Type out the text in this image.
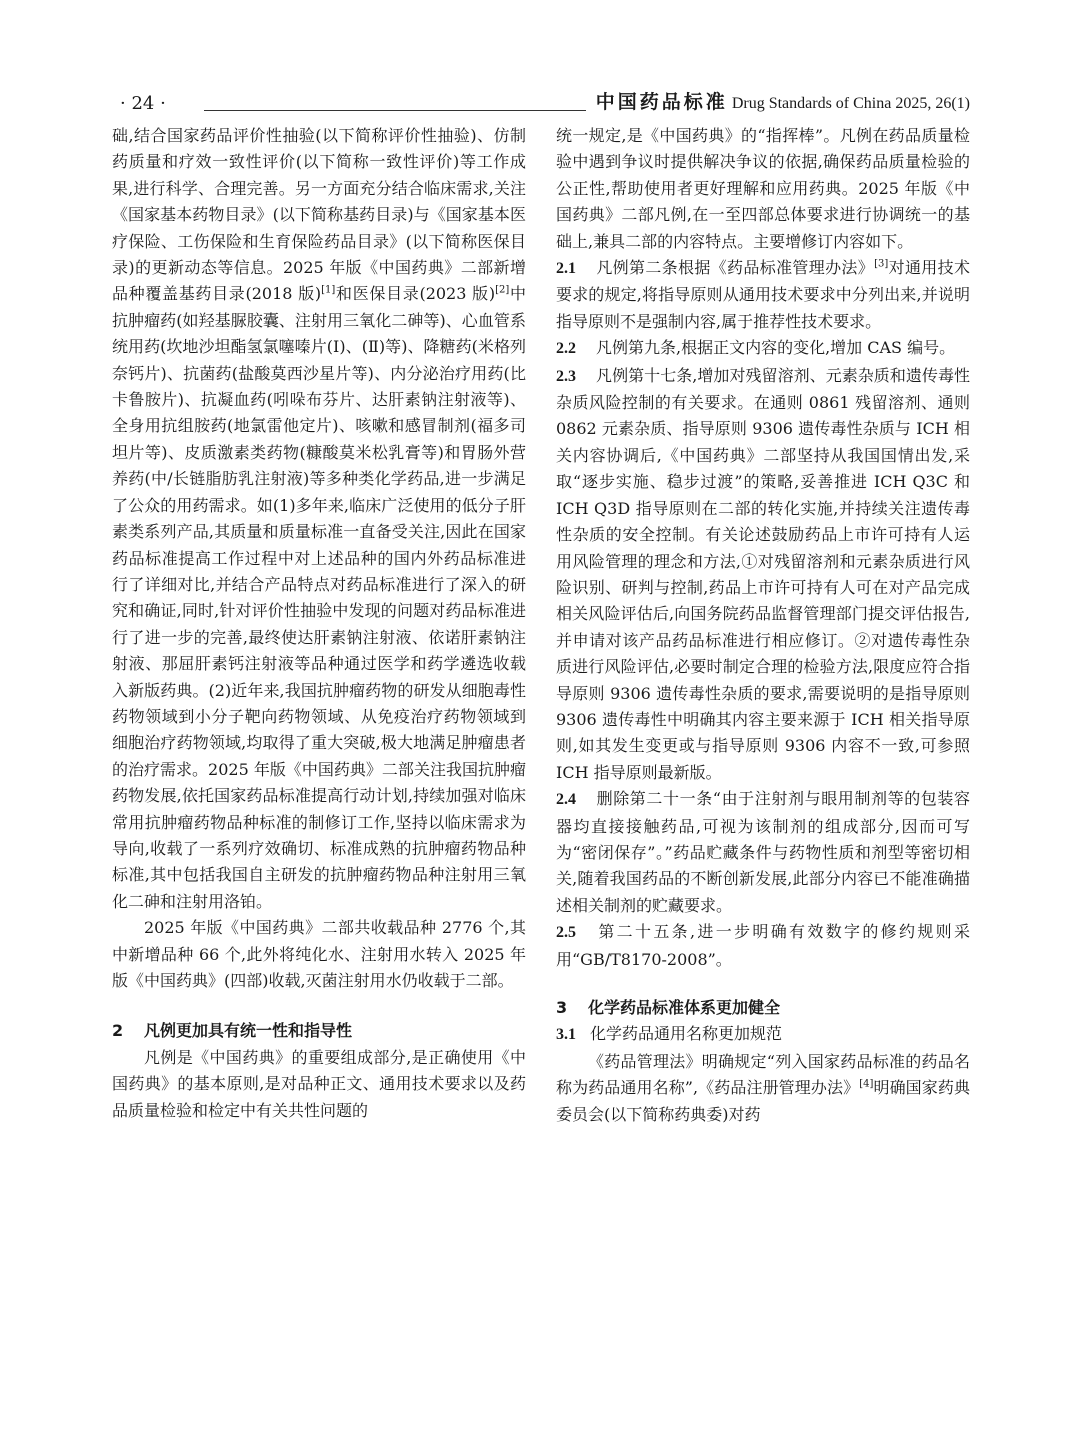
· 24 ·	中国药品标准 Drug Standards of China 2025, 26(1)

础,结合国家药品评价性抽验(以下简称评价性抽验)、仿制药质量和疗效一致性评价(以下简称一致性评价)等工作成果,进行科学、合理完善。另一方面充分结合临床需求,关注《国家基本药物目录》(以下简称基药目录)与《国家基本医疗保险、工伤保险和生育保险药品目录》(以下简称医保目录)的更新动态等信息。2025 年版《中国药典》二部新增品种覆盖基药目录(2018 版)[1]和医保目录(2023 版)[2]中抗肿瘤药(如羟基脲胶囊、注射用三氧化二砷等)、心血管系统用药(坎地沙坦酯氢氯噻嗪片(Ⅰ)、(Ⅱ)等)、降糖药(米格列奈钙片)、抗菌药(盐酸莫西沙星片等)、内分泌治疗用药(比卡鲁胺片)、抗凝血药(吲哚布芬片、达肝素钠注射液等)、全身用抗组胺药(地氯雷他定片)、咳嗽和感冒制剂(福多司坦片等)、皮质激素类药物(糠酸莫米松乳膏等)和胃肠外营养药(中/长链脂肪乳注射液)等多种类化学药品,进一步满足了公众的用药需求。如(1)多年来,临床广泛使用的低分子肝素类系列产品,其质量和质量标准一直备受关注,因此在国家药品标准提高工作过程中对上述品种的国内外药品标准进行了详细对比,并结合产品特点对药品标准进行了深入的研究和确证,同时,针对评价性抽验中发现的问题对药品标准进行了进一步的完善,最终使达肝素钠注射液、依诺肝素钠注射液、那屈肝素钙注射液等品种通过医学和药学遴选收载入新版药典。(2)近年来,我国抗肿瘤药物的研发从细胞毒性药物领域到小分子靶向药物领域、从免疫治疗药物领域到细胞治疗药物领域,均取得了重大突破,极大地满足肿瘤患者的治疗需求。2025 年版《中国药典》二部关注我国抗肿瘤药物发展,依托国家药品标准提高行动计划,持续加强对临床常用抗肿瘤药物品种标准的制修订工作,坚持以临床需求为导向,收载了一系列疗效确切、标准成熟的抗肿瘤药物品种标准,其中包括我国自主研发的抗肿瘤药物品种注射用三氧化二砷和注射用洛铂。

2025 年版《中国药典》二部共收载品种 2776 个,其中新增品种 66 个,此外将纯化水、注射用水转入 2025 年版《中国药典》(四部)收载,灭菌注射用水仍收载于二部。

2 凡例更加具有统一性和指导性

凡例是《中国药典》的重要组成部分,是正确使用《中国药典》的基本原则,是对品种正文、通用技术要求以及药品质量检验和检定中有关共性问题的

统一规定,是《中国药典》的“指挥棒”。凡例在药品质量检验中遇到争议时提供解决争议的依据,确保药品质量检验的公正性,帮助使用者更好理解和应用药典。2025 年版《中国药典》二部凡例,在一至四部总体要求进行协调统一的基础上,兼具二部的内容特点。主要增修订内容如下。

2.1 凡例第二条根据《药品标准管理办法》[3]对通用技术要求的规定,将指导原则从通用技术要求中分列出来,并说明指导原则不是强制内容,属于推荐性技术要求。

2.2 凡例第九条,根据正文内容的变化,增加 CAS 编号。

2.3 凡例第十七条,增加对残留溶剂、元素杂质和遗传毒性杂质风险控制的有关要求。在通则 0861 残留溶剂、通则 0862 元素杂质、指导原则 9306 遗传毒性杂质与 ICH 相关内容协调后,《中国药典》二部坚持从我国国情出发,采取“逐步实施、稳步过渡”的策略,妥善推进 ICH Q3C 和 ICH Q3D 指导原则在二部的转化实施,并持续关注遗传毒性杂质的安全控制。有关论述鼓励药品上市许可持有人运用风险管理的理念和方法,①对残留溶剂和元素杂质进行风险识别、研判与控制,药品上市许可持有人可在对产品完成相关风险评估后,向国务院药品监督管理部门提交评估报告,并申请对该产品药品标准进行相应修订。②对遗传毒性杂质进行风险评估,必要时制定合理的检验方法,限度应符合指导原则 9306 遗传毒性杂质的要求,需要说明的是指导原则 9306 遗传毒性中明确其内容主要来源于 ICH 相关指导原则,如其发生变更或与指导原则 9306 内容不一致,可参照 ICH 指导原则最新版。

2.4 删除第二十一条“由于注射剂与眼用制剂等的包装容器均直接接触药品,可视为该制剂的组成部分,因而可写为“密闭保存”。”药品贮藏条件与药物性质和剂型等密切相关,随着我国药品的不断创新发展,此部分内容已不能准确描述相关制剂的贮藏要求。

2.5 第二十五条,进一步明确有效数字的修约规则采用“GB/T8170-2008”。

3 化学药品标准体系更加健全
3.1 化学药品通用名称更加规范

《药品管理法》明确规定“列入国家药品标准的药品名称为药品通用名称”,《药品注册管理办法》[4]明确国家药典委员会(以下简称药典委)对药
